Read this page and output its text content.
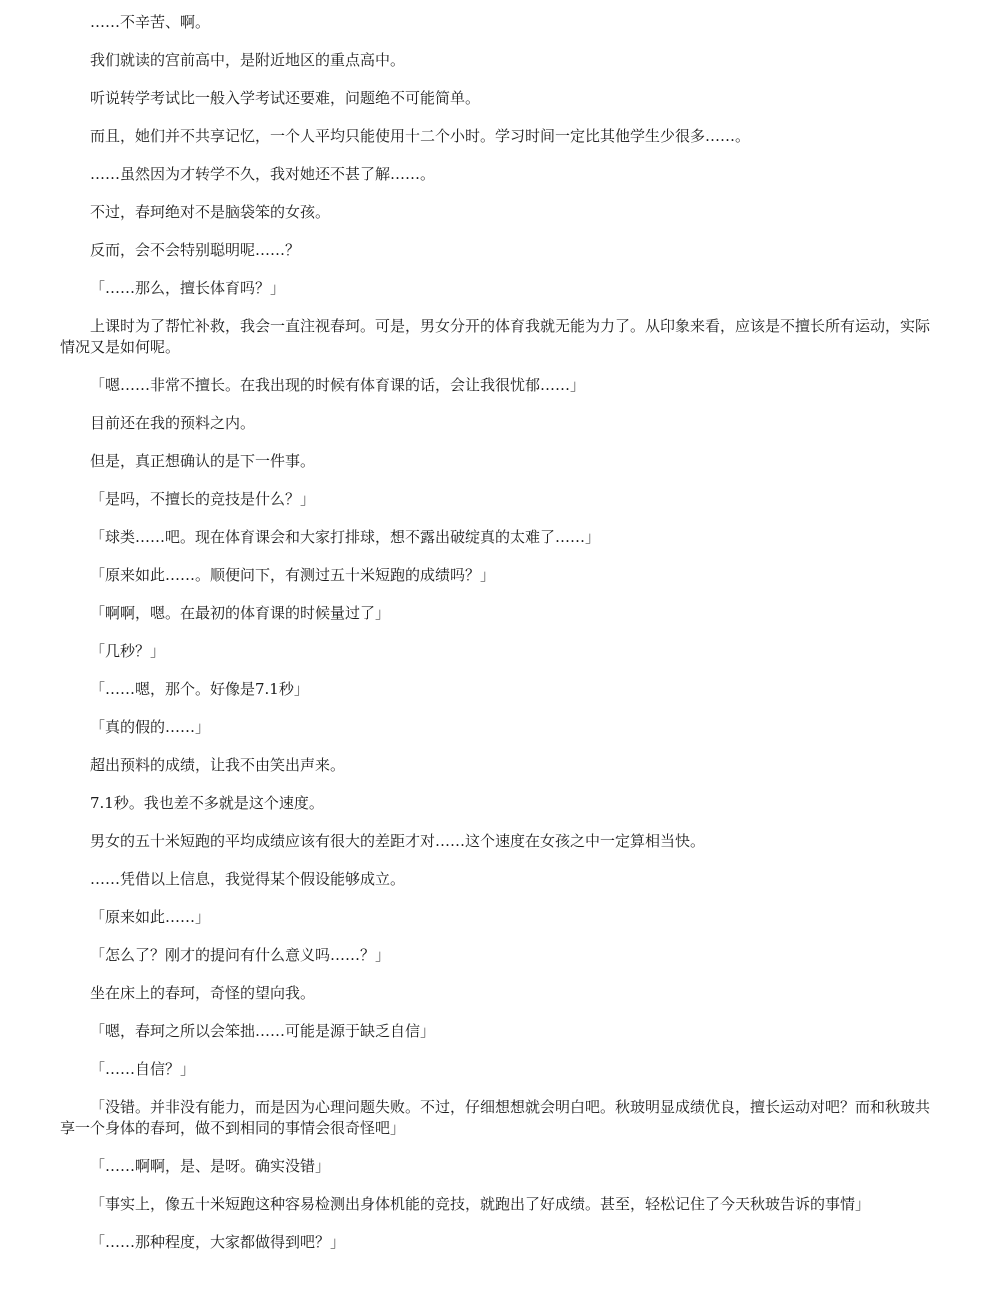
……不辛苦、啊。

我们就读的宫前高中，是附近地区的重点高中。

听说转学考试比一般入学考试还要难，问题绝不可能简单。

而且，她们并不共享记忆，一个人平均只能使用十二个小时。学习时间一定比其他学生少很多……。

……虽然因为才转学不久，我对她还不甚了解……。

不过，春珂绝对不是脑袋笨的女孩。

反而，会不会特别聪明呢……？

「……那么，擅长体育吗？」

上课时为了帮忙补救，我会一直注视春珂。可是，男女分开的体育我就无能为力了。从印象来看，应该是不擅长所有运动，实际情况又是如何呢。

「嗯……非常不擅长。在我出现的时候有体育课的话，会让我很忧郁……」

目前还在我的预料之内。

但是，真正想确认的是下一件事。

「是吗，不擅长的竞技是什么？」

「球类……吧。现在体育课会和大家打排球，想不露出破绽真的太难了……」

「原来如此……。顺便问下，有测过五十米短跑的成绩吗？」

「啊啊，嗯。在最初的体育课的时候量过了」

「几秒？」

「……嗯，那个。好像是7.1秒」

「真的假的……」

超出预料的成绩，让我不由笑出声来。

7.1秒。我也差不多就是这个速度。

男女的五十米短跑的平均成绩应该有很大的差距才对……这个速度在女孩之中一定算相当快。

……凭借以上信息，我觉得某个假设能够成立。

「原来如此……」

「怎么了？刚才的提问有什么意义吗……？」

坐在床上的春珂，奇怪的望向我。

「嗯，春珂之所以会笨拙……可能是源于缺乏自信」

「……自信？」

「没错。并非没有能力，而是因为心理问题失败。不过，仔细想想就会明白吧。秋玻明显成绩优良，擅长运动对吧？而和秋玻共享一个身体的春珂，做不到相同的事情会很奇怪吧」

「……啊啊，是、是呀。确实没错」

「事实上，像五十米短跑这种容易检测出身体机能的竞技，就跑出了好成绩。甚至，轻松记住了今天秋玻告诉的事情」

「……那种程度，大家都做得到吧？」
